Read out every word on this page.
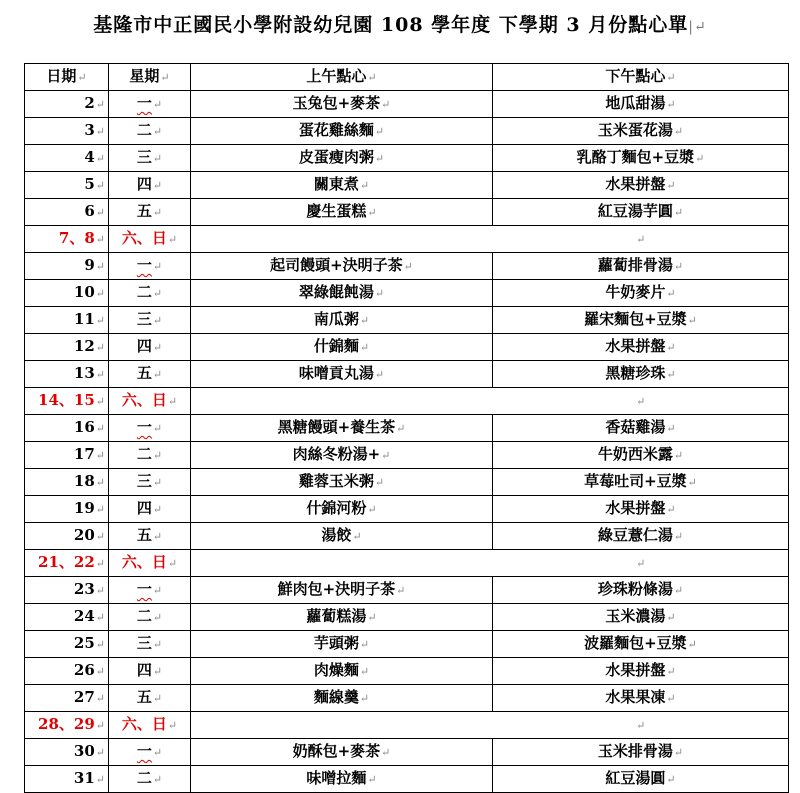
基隆市中正國民小學附設幼兒園 108 學年度 下學期 3 月份點心單|↵
日期↵	星期↵	上午點心↵	下午點心↵
2↵	一↵	玉兔包+麥茶↵	地瓜甜湯↵
3↵	二↵	蛋花雞絲麵↵	玉米蛋花湯↵
4↵	三↵	皮蛋瘦肉粥↵	乳酪丁麵包+豆漿↵
5↵	四↵	關東煮↵	水果拼盤↵
6↵	五↵	慶生蛋糕↵	紅豆湯芋圓↵
7、8↵	六、日↵		↵
9↵	一↵	起司饅頭+決明子茶↵	蘿蔔排骨湯↵
10↵	二↵	翠綠餛飩湯↵	牛奶麥片↵
11↵	三↵	南瓜粥↵	羅宋麵包+豆漿↵
12↵	四↵	什錦麵↵	水果拼盤↵
13↵	五↵	味噌貢丸湯↵	黑糖珍珠↵
14、15↵	六、日↵		↵
16↵	一↵	黑糖饅頭+養生茶↵	香菇雞湯↵
17↵	二↵	肉絲冬粉湯+↵	牛奶西米露↵
18↵	三↵	雞蓉玉米粥↵	草莓吐司+豆漿↵
19↵	四↵	什錦河粉↵	水果拼盤↵
20↵	五↵	湯餃↵	綠豆薏仁湯↵
21、22↵	六、日↵		↵
23↵	一↵	鮮肉包+決明子茶↵	珍珠粉條湯↵
24↵	二↵	蘿蔔糕湯↵	玉米濃湯↵
25↵	三↵	芋頭粥↵	波羅麵包+豆漿↵
26↵	四↵	肉燥麵↵	水果拼盤↵
27↵	五↵	麵線羹↵	水果果凍↵
28、29↵	六、日↵		↵
30↵	一↵	奶酥包+麥茶↵	玉米排骨湯↵
31↵	二↵	味噌拉麵↵	紅豆湯圓↵
